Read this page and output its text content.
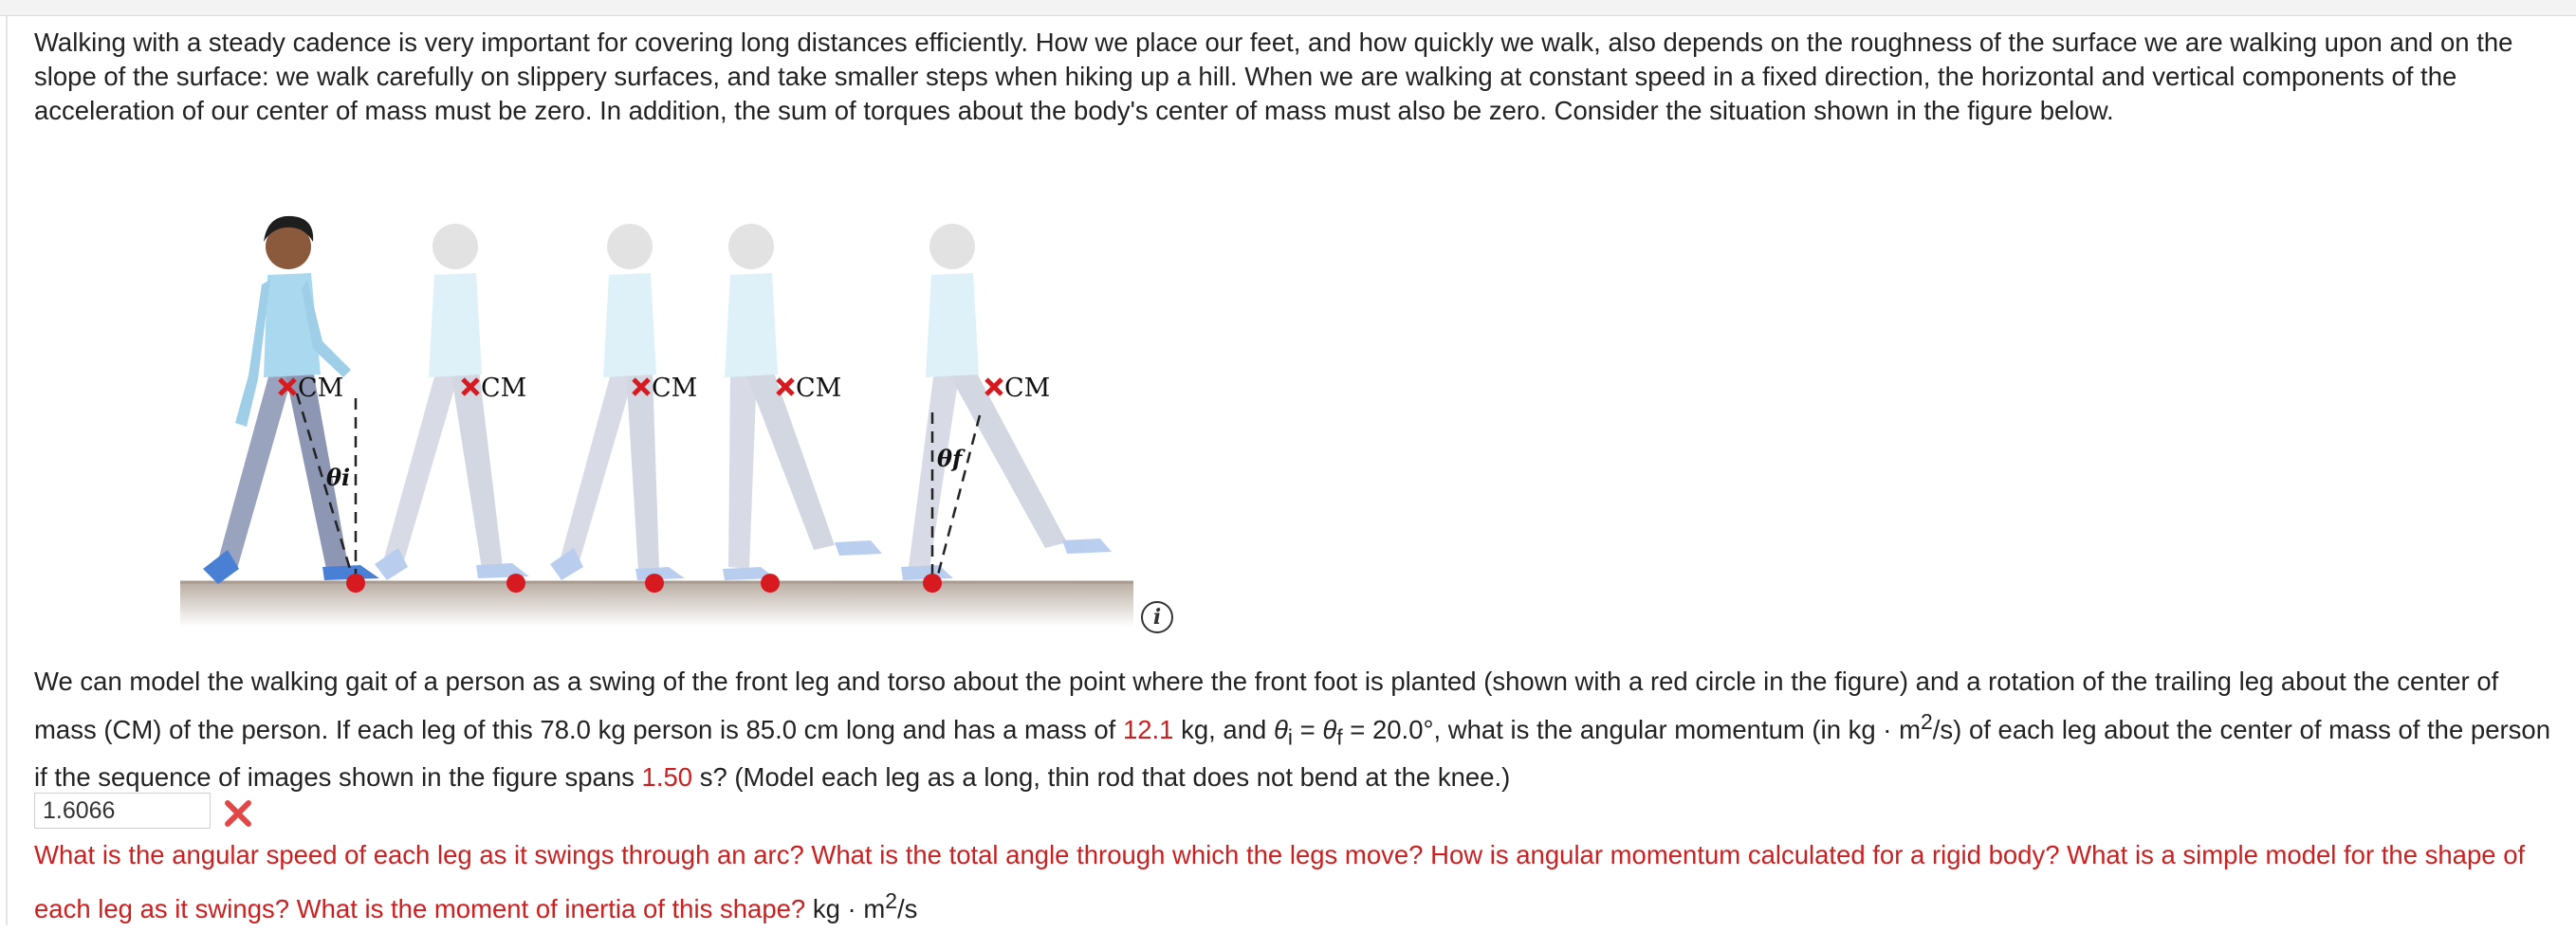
Walking with a steady cadence is very important for covering long distances efficiently. How we place our feet, and how quickly we walk, also depends on the roughness of the surface we are walking upon and on the slope of the surface: we walk carefully on slippery surfaces, and take smaller steps when hiking up a hill. When we are walking at constant speed in a fixed direction, the horizontal and vertical components of the acceleration of our center of mass must be zero. In addition, the sum of torques about the body's center of mass must also be zero. Consider the situation shown in the figure below.

CM	CM	CM	CM	CM
θi
θf
i

We can model the walking gait of a person as a swing of the front leg and torso about the point where the front foot is planted (shown with a red circle in the figure) and a rotation of the trailing leg about the center of mass (CM) of the person. If each leg of this 78.0 kg person is 85.0 cm long and has a mass of 12.1 kg, and $\theta_i = \theta_f = 20.0^\circ$, what is the angular momentum (in kg · $m^2/s$) of each leg about the center of mass of the person if the sequence of images shown in the figure spans 1.50 s? (Model each leg as a long, thin rod that does not bend at the knee.)

1.6066

What is the angular speed of each leg as it swings through an arc? What is the total angle through which the legs move? How is angular momentum calculated for a rigid body? What is a simple model for the shape of each leg as it swings? What is the moment of inertia of this shape? kg · $m^2/s$
